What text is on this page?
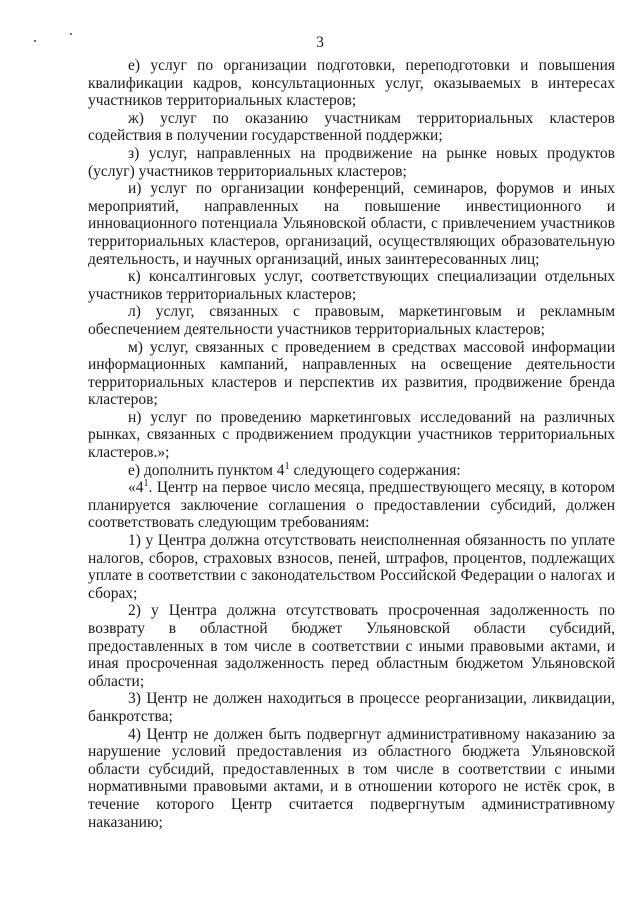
3

е) услуг по организации подготовки, переподготовки и повышения квалификации кадров, консультационных услуг, оказываемых в интересах участников территориальных кластеров;

ж) услуг по оказанию участникам территориальных кластеров содействия в получении государственной поддержки;

з) услуг, направленных на продвижение на рынке новых продуктов (услуг) участников территориальных кластеров;

и) услуг по организации конференций, семинаров, форумов и иных мероприятий, направленных на повышение инвестиционного и инновационного потенциала Ульяновской области, с привлечением участников территориальных кластеров, организаций, осуществляющих образовательную деятельность, и научных организаций, иных заинтересованных лиц;

к) консалтинговых услуг, соответствующих специализации отдельных участников территориальных кластеров;

л) услуг, связанных с правовым, маркетинговым и рекламным обеспечением деятельности участников территориальных кластеров;

м) услуг, связанных с проведением в средствах массовой информации информационных кампаний, направленных на освещение деятельности территориальных кластеров и перспектив их развития, продвижение бренда кластеров;

н) услуг по проведению маркетинговых исследований на различных рынках, связанных с продвижением продукции участников территориальных кластеров.»;

е) дополнить пунктом $4^1$ следующего содержания:

«$4^1$. Центр на первое число месяца, предшествующего месяцу, в котором планируется заключение соглашения о предоставлении субсидий, должен соответствовать следующим требованиям:

1) у Центра должна отсутствовать неисполненная обязанность по уплате налогов, сборов, страховых взносов, пеней, штрафов, процентов, подлежащих уплате в соответствии с законодательством Российской Федерации о налогах и сборах;

2) у Центра должна отсутствовать просроченная задолженность по возврату в областной бюджет Ульяновской области субсидий, предоставленных в том числе в соответствии с иными правовыми актами, и иная просроченная задолженность перед областным бюджетом Ульяновской области;

3) Центр не должен находиться в процессе реорганизации, ликвидации, банкротства;

4) Центр не должен быть подвергнут административному наказанию за нарушение условий предоставления из областного бюджета Ульяновской области субсидий, предоставленных в том числе в соответствии с иными нормативными правовыми актами, и в отношении которого не истёк срок, в течение которого Центр считается подвергнутым административному наказанию;
